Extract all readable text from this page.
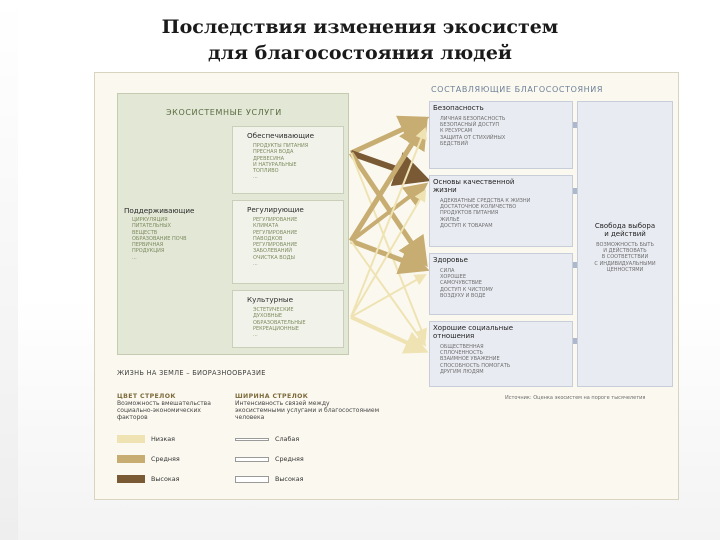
Последствия изменения экосистем
для благосостояния людей
ЭКОСИСТЕМНЫЕ УСЛУГИ
Поддерживающие
ЦИРКУЛЯЦИЯ
ПИТАТЕЛЬНЫХ
ВЕЩЕСТВ
ОБРАЗОВАНИЕ ПОЧВ
ПЕРВИЧНАЯ
ПРОДУКЦИЯ
...
Обеспечивающие
ПРОДУКТЫ ПИТАНИЯ
ПРЕСНАЯ ВОДА
ДРЕВЕСИНА
И НАТУРАЛЬНЫЕ
ТОПЛИВО
...
Регулирующие
РЕГУЛИРОВАНИЕ
КЛИМАТА
РЕГУЛИРОВАНИЕ
ПАВОДКОВ
РЕГУЛИРОВАНИЕ
ЗАБОЛЕВАНИЙ
ОЧИСТКА ВОДЫ
...
Культурные
ЭСТЕТИЧЕСКИЕ
ДУХОВНЫЕ
ОБРАЗОВАТЕЛЬНЫЕ
РЕКРЕАЦИОННЫЕ
...
ЖИЗНЬ НА ЗЕМЛЕ – БИОРАЗНООБРАЗИЕ
СОСТАВЛЯЮЩИЕ БЛАГОСОСТОЯНИЯ
Безопасность
ЛИЧНАЯ БЕЗОПАСНОСТЬ
БЕЗОПАСНЫЙ ДОСТУП
К РЕСУРСАМ
ЗАЩИТА ОТ СТИХИЙНЫХ
БЕДСТВИЙ
Основы качественной
жизни
АДЕКВАТНЫЕ СРЕДСТВА К ЖИЗНИ
ДОСТАТОЧНОЕ КОЛИЧЕСТВО
ПРОДУКТОВ ПИТАНИЯ
ЖИЛЬЕ
ДОСТУП К ТОВАРАМ
Здоровье
СИЛА
ХОРОШЕЕ
САМОЧУВСТВИЕ
ДОСТУП К ЧИСТОМУ
ВОЗДУХУ И ВОДЕ
Хорошие социальные
отношения
ОБЩЕСТВЕННАЯ
СПЛОЧЕННОСТЬ
ВЗАИМНОЕ УВАЖЕНИЕ
СПОСОБНОСТЬ ПОМОГАТЬ
ДРУГИМ ЛЮДЯМ
Свобода выбора
и действий
ВОЗМОЖНОСТЬ БЫТЬ
И ДЕЙСТВОВАТЬ
В СООТВЕТСТВИИ
С ИНДИВИДУАЛЬНЫМИ
ЦЕННОСТЯМИ
Источник: Оценка экосистем на пороге тысячелетия
ЦВЕТ СТРЕЛОК
Возможность вмешательства
социально-экономических
факторов
ШИРИНА СТРЕЛОК
Интенсивность связей между
экосистемными услугами и благосостоянием
человека
Низкая
Средняя
Высокая
Слабая
Средняя
Высокая
